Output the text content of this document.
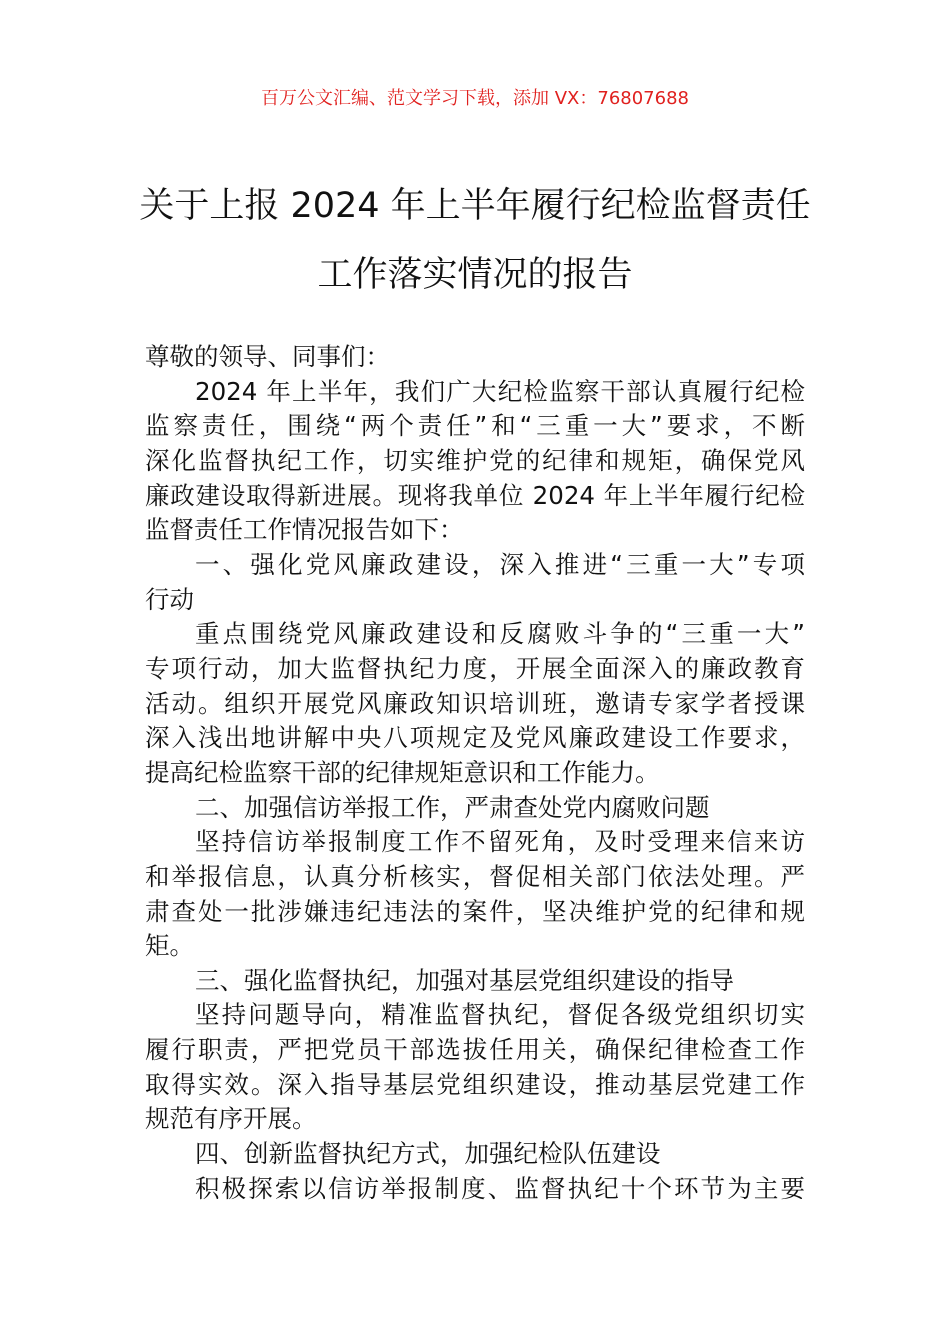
百万公文汇编、范文学习下载，添加 VX：76807688
关于上报 2024 年上半年履行纪检监督责任
工作落实情况的报告
尊敬的领导、同事们：
2024 年上半年，我们广大纪检监察干部认真履行纪检
监察责任，围绕“两个责任”和“三重一大”要求，不断
深化监督执纪工作，切实维护党的纪律和规矩，确保党风
廉政建设取得新进展。现将我单位 2024 年上半年履行纪检
监督责任工作情况报告如下：
一、强化党风廉政建设，深入推进“三重一大”专项
行动
重点围绕党风廉政建设和反腐败斗争的“三重一大”
专项行动，加大监督执纪力度，开展全面深入的廉政教育
活动。组织开展党风廉政知识培训班，邀请专家学者授课
深入浅出地讲解中央八项规定及党风廉政建设工作要求，
提高纪检监察干部的纪律规矩意识和工作能力。
二、加强信访举报工作，严肃查处党内腐败问题
坚持信访举报制度工作不留死角，及时受理来信来访
和举报信息，认真分析核实，督促相关部门依法处理。严
肃查处一批涉嫌违纪违法的案件，坚决维护党的纪律和规
矩。
三、强化监督执纪，加强对基层党组织建设的指导
坚持问题导向，精准监督执纪，督促各级党组织切实
履行职责，严把党员干部选拔任用关，确保纪律检查工作
取得实效。深入指导基层党组织建设，推动基层党建工作
规范有序开展。
四、创新监督执纪方式，加强纪检队伍建设
积极探索以信访举报制度、监督执纪十个环节为主要
